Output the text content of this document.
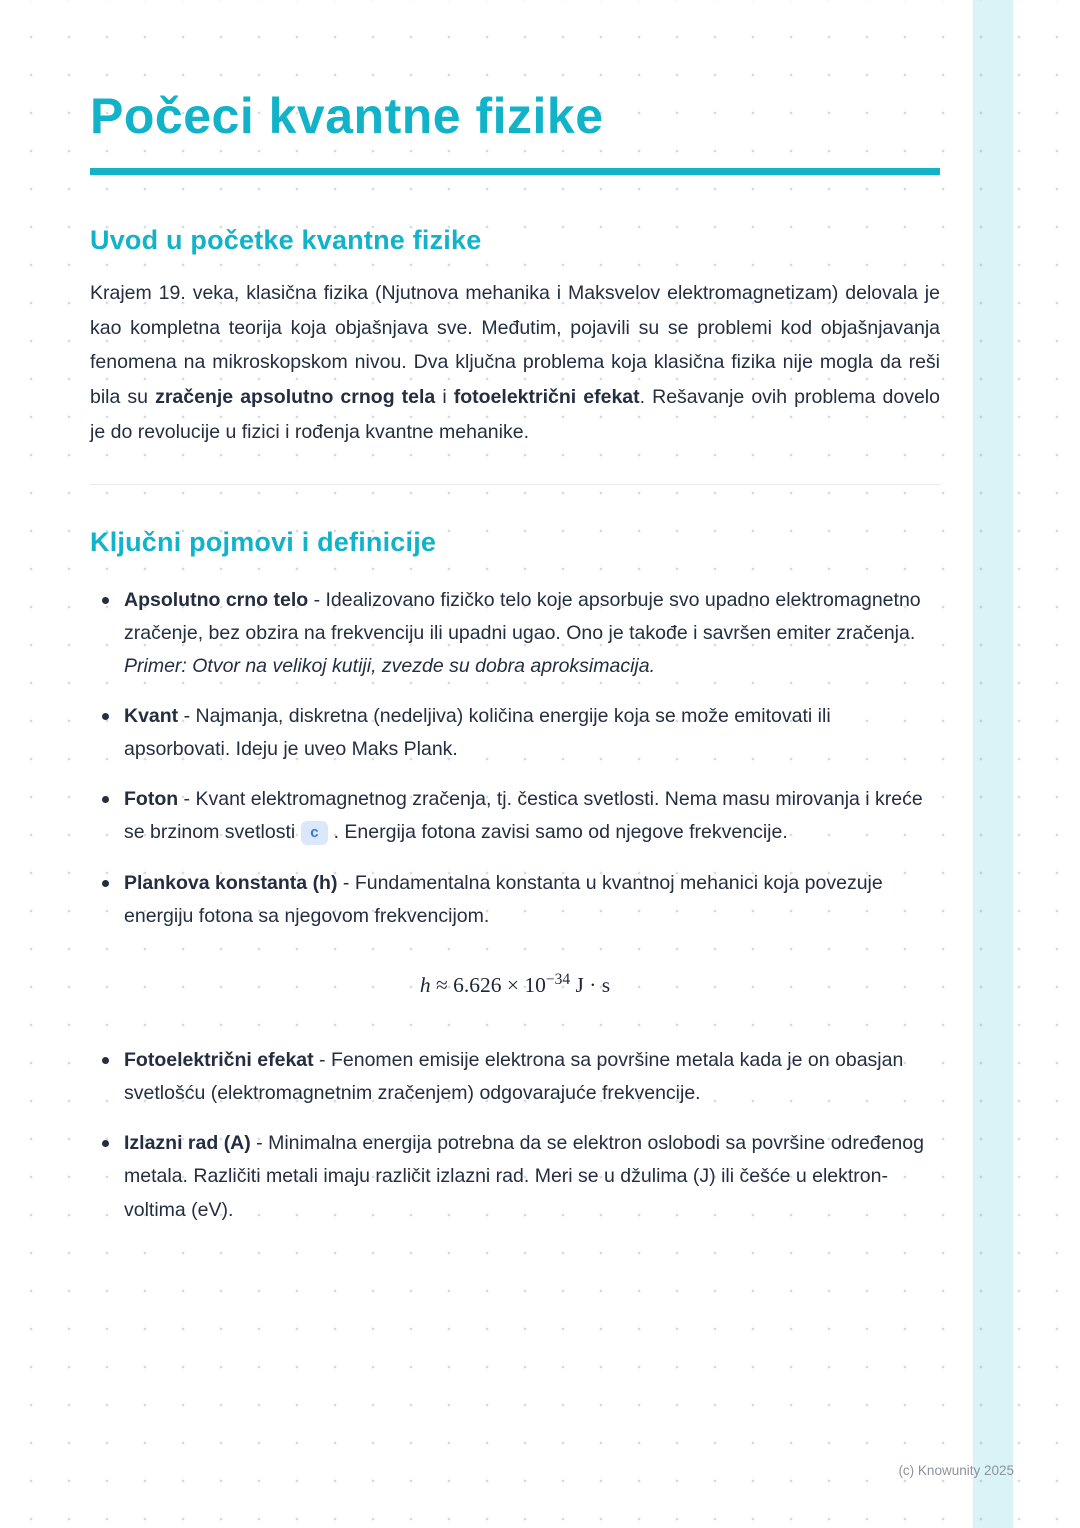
Počeci kvantne fizike
Uvod u početke kvantne fizike

Krajem 19. veka, klasična fizika (Njutnova mehanika i Maksvelov elektromagnetizam) delovala je kao kompletna teorija koja objašnjava sve. Međutim, pojavili su se problemi kod objašnjavanja fenomena na mikroskopskom nivou. Dva ključna problema koja klasična fizika nije mogla da reši bila su zračenje apsolutno crnog tela i fotoelektrični efekat. Rešavanje ovih problema dovelo je do revolucije u fizici i rođenja kvantne mehanike.

Ključni pojmovi i definicije
Apsolutno crno telo - Idealizovano fizičko telo koje apsorbuje svo upadno elektromagnetno zračenje, bez obzira na frekvenciju ili upadni ugao. Ono je takođe i savršen emiter zračenja. Primer: Otvor na velikoj kutiji, zvezde su dobra aproksimacija.
Kvant - Najmanja, diskretna (nedeljiva) količina energije koja se može emitovati ili apsorbovati. Ideju je uveo Maks Plank.
Foton - Kvant elektromagnetnog zračenja, tj. čestica svetlosti. Nema masu mirovanja i kreće se brzinom svetlosti c . Energija fotona zavisi samo od njegove frekvencije.
Plankova konstanta (h) - Fundamentalna konstanta u kvantnoj mehanici koja povezuje energiju fotona sa njegovom frekvencijom.
$h \approx 6.626 \times 10^{-34}$ J · s
Fotoelektrični efekat - Fenomen emisije elektrona sa površine metala kada je on obasjan svetlošću (elektromagnetnim zračenjem) odgovarajuće frekvencije.
Izlazni rad (A) - Minimalna energija potrebna da se elektron oslobodi sa površine određenog metala. Različiti metali imaju različit izlazni rad. Meri se u džulima (J) ili češće u elektron-voltima (eV).
(c) Knowunity 2025
